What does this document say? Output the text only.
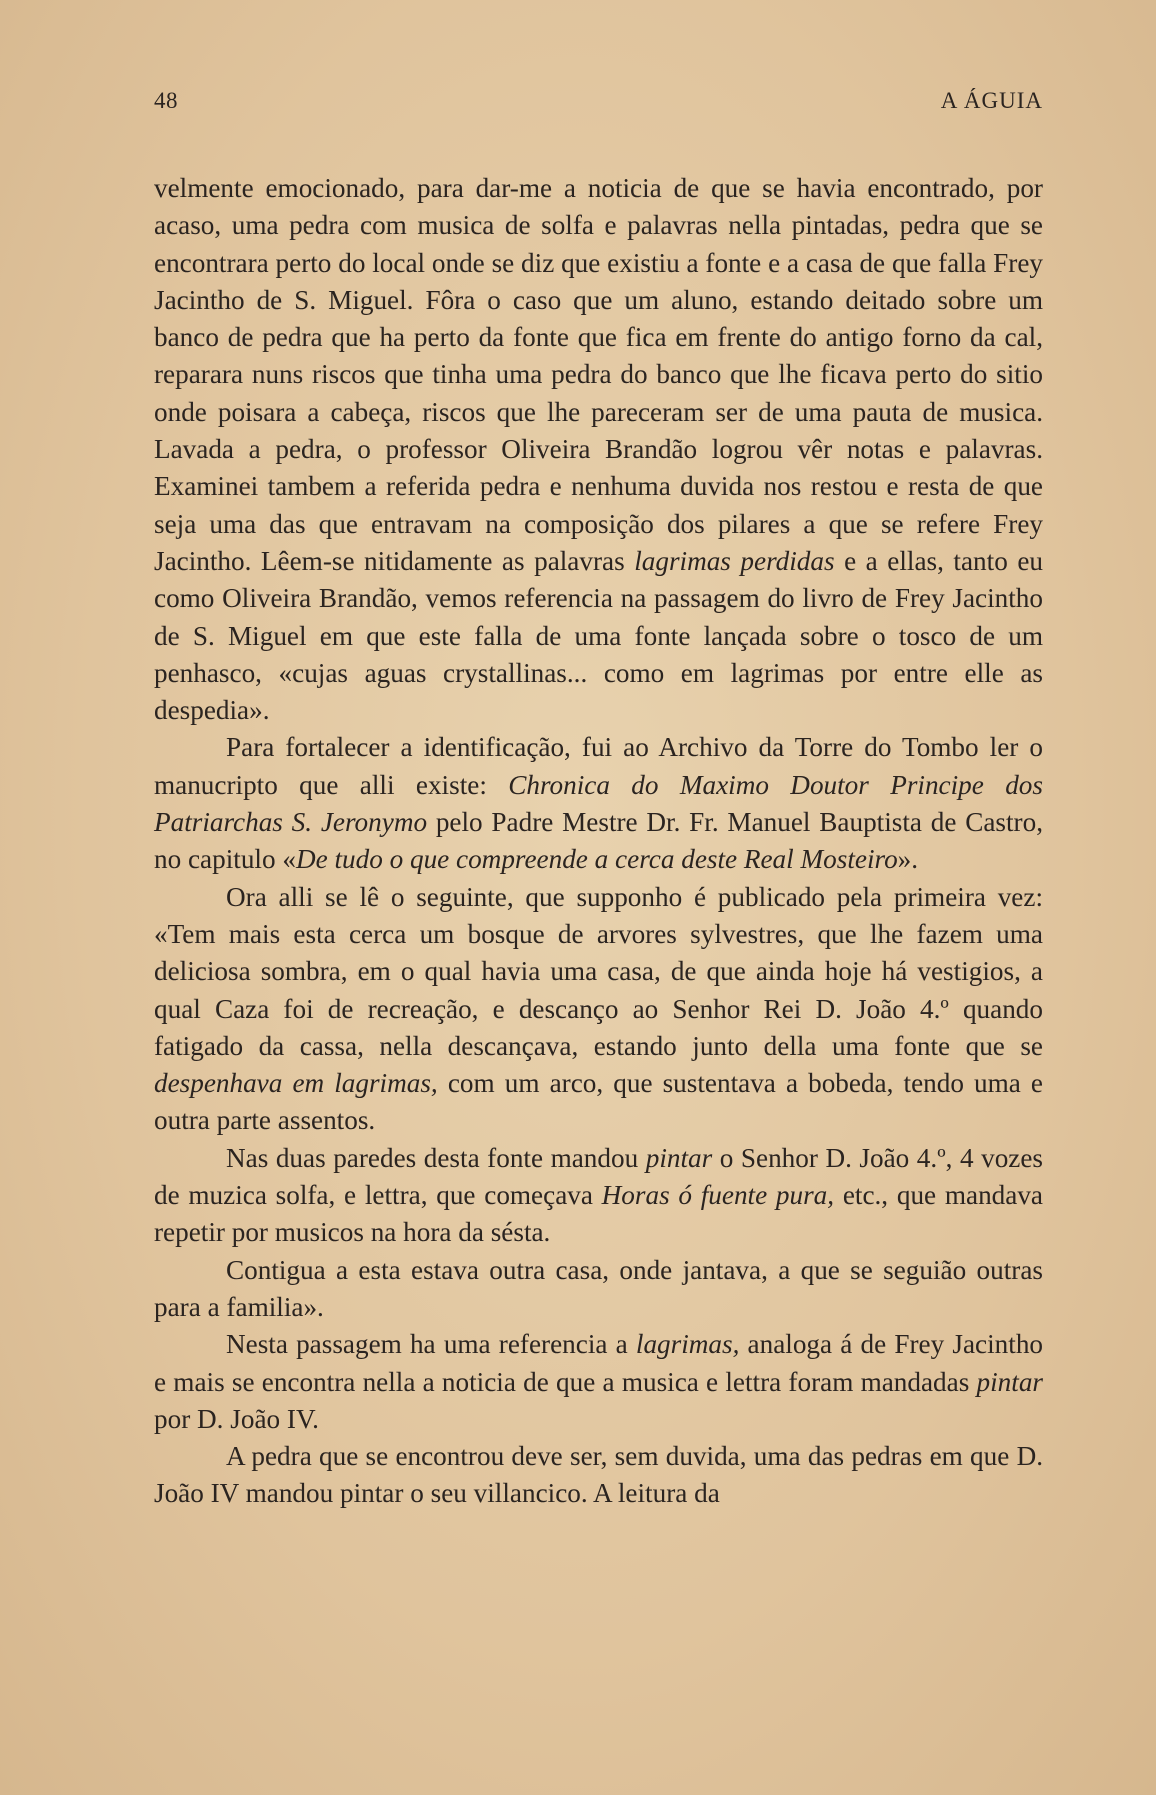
48	A ÁGUIA

velmente emocionado, para dar-me a noticia de que se havia encontrado, por acaso, uma pedra com musica de solfa e palavras nella pintadas, pedra que se encontrara perto do local onde se diz que existiu a fonte e a casa de que falla Frey Jacintho de S. Miguel. Fôra o caso que um aluno, estando deitado sobre um banco de pedra que ha perto da fonte que fica em frente do antigo forno da cal, reparara nuns riscos que tinha uma pedra do banco que lhe ficava perto do sitio onde poisara a cabeça, riscos que lhe pareceram ser de uma pauta de musica. Lavada a pedra, o professor Oliveira Brandão logrou vêr notas e palavras. Examinei tambem a referida pedra e nenhuma duvida nos restou e resta de que seja uma das que entravam na composição dos pilares a que se refere Frey Jacintho. Lêem-se nitidamente as palavras lagrimas perdidas e a ellas, tanto eu como Oliveira Brandão, vemos referencia na passagem do livro de Frey Jacintho de S. Miguel em que este falla de uma fonte lançada sobre o tosco de um penhasco, «cujas aguas crystallinas... como em lagrimas por entre elle as despedia».

Para fortalecer a identificação, fui ao Archivo da Torre do Tombo ler o manucripto que alli existe: Chronica do Maximo Doutor Principe dos Patriarchas S. Jeronymo pelo Padre Mestre Dr. Fr. Manuel Bauptista de Castro, no capitulo «De tudo o que compreende a cerca deste Real Mosteiro».

Ora alli se lê o seguinte, que supponho é publicado pela primeira vez: «Tem mais esta cerca um bosque de arvores sylvestres, que lhe fazem uma deliciosa sombra, em o qual havia uma casa, de que ainda hoje há vestigios, a qual Caza foi de recreação, e descanço ao Senhor Rei D. João 4.º quando fatigado da cassa, nella descançava, estando junto della uma fonte que se despenhava em lagrimas, com um arco, que sustentava a bobeda, tendo uma e outra parte assentos.

Nas duas paredes desta fonte mandou pintar o Senhor D. João 4.º, 4 vozes de muzica solfa, e lettra, que começava Horas ó fuente pura, etc., que mandava repetir por musicos na hora da sésta.

Contigua a esta estava outra casa, onde jantava, a que se seguião outras para a familia».

Nesta passagem ha uma referencia a lagrimas, analoga á de Frey Jacintho e mais se encontra nella a noticia de que a musica e lettra foram mandadas pintar por D. João IV.

A pedra que se encontrou deve ser, sem duvida, uma das pedras em que D. João IV mandou pintar o seu villancico. A leitura da
